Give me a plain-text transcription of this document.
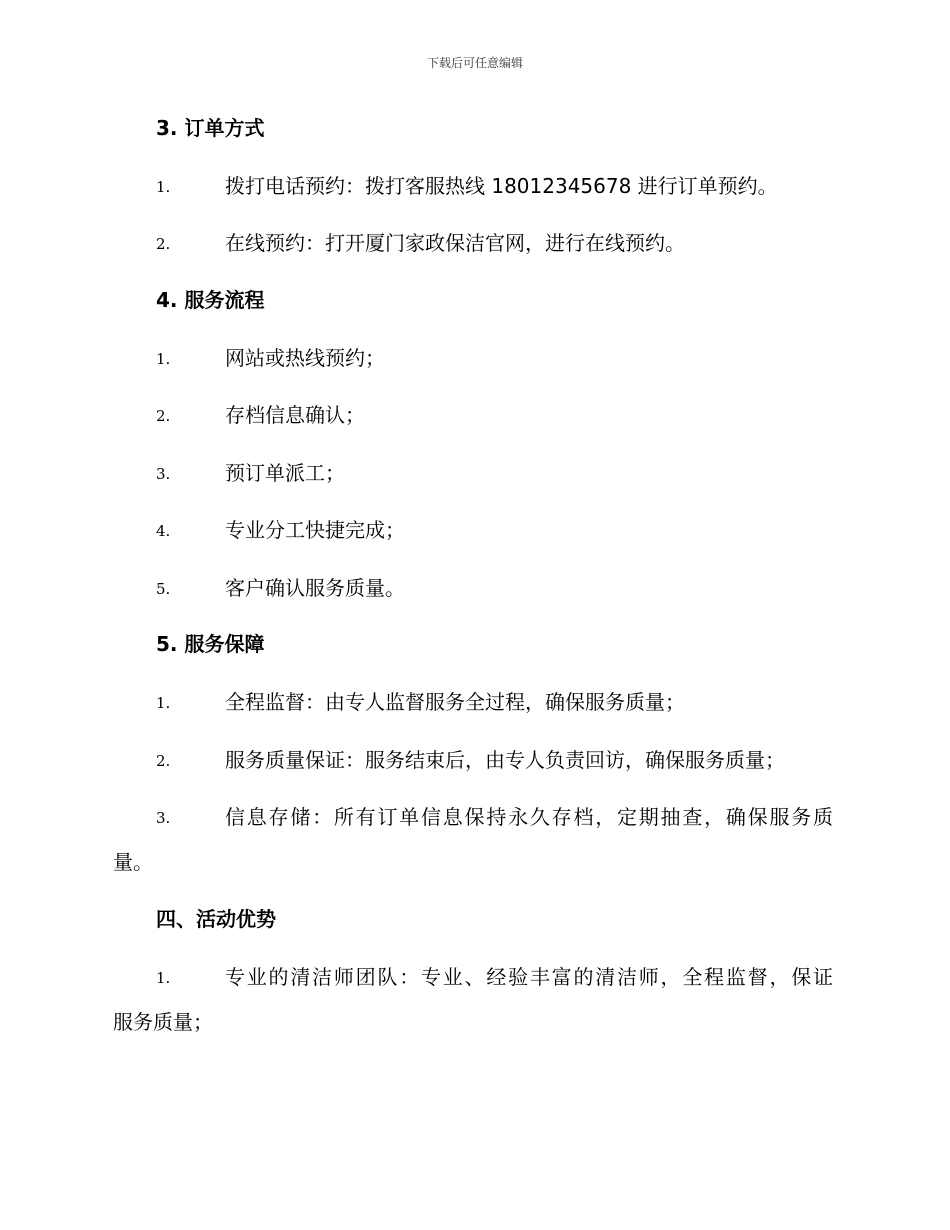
下载后可任意编辑
3. 订单方式
1.	拨打电话预约：拨打客服热线 18012345678 进行订单预约。
2.	在线预约：打开厦门家政保洁官网，进行在线预约。
4. 服务流程
1.	网站或热线预约；
2.	存档信息确认；
3.	预订单派工；
4.	专业分工快捷完成；
5.	客户确认服务质量。
5. 服务保障
1.	全程监督：由专人监督服务全过程，确保服务质量；
2.	服务质量保证：服务结束后，由专人负责回访，确保服务质量；
3.	信息存储：所有订单信息保持永久存档，定期抽查，确保服务质
量。
四、活动优势
1.	专业的清洁师团队：专业、经验丰富的清洁师，全程监督，保证
服务质量；
